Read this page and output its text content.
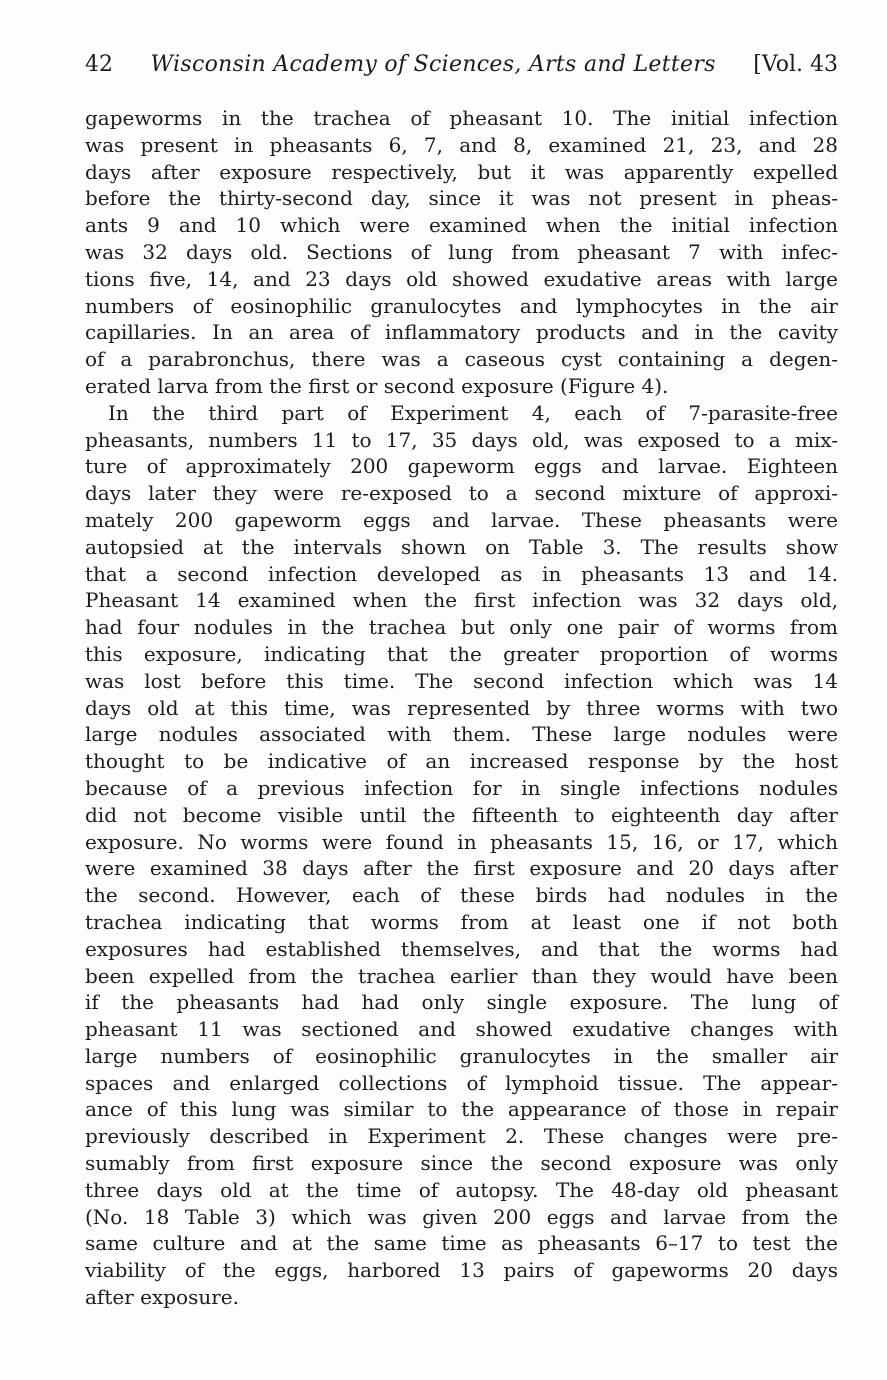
42 Wisconsin Academy of Sciences, Arts and Letters [Vol. 43
gapeworms in the trachea of pheasant 10. The initial infection
was present in pheasants 6, 7, and 8, examined 21, 23, and 28
days after exposure respectively, but it was apparently expelled
before the thirty-second day, since it was not present in pheas-
ants 9 and 10 which were examined when the initial infection
was 32 days old. Sections of lung from pheasant 7 with infec-
tions five, 14, and 23 days old showed exudative areas with large
numbers of eosinophilic granulocytes and lymphocytes in the air
capillaries. In an area of inflammatory products and in the cavity
of a parabronchus, there was a caseous cyst containing a degen-
erated larva from the first or second exposure (Figure 4).
In the third part of Experiment 4, each of 7-parasite-free
pheasants, numbers 11 to 17, 35 days old, was exposed to a mix-
ture of approximately 200 gapeworm eggs and larvae. Eighteen
days later they were re-exposed to a second mixture of approxi-
mately 200 gapeworm eggs and larvae. These pheasants were
autopsied at the intervals shown on Table 3. The results show
that a second infection developed as in pheasants 13 and 14.
Pheasant 14 examined when the first infection was 32 days old,
had four nodules in the trachea but only one pair of worms from
this exposure, indicating that the greater proportion of worms
was lost before this time. The second infection which was 14
days old at this time, was represented by three worms with two
large nodules associated with them. These large nodules were
thought to be indicative of an increased response by the host
because of a previous infection for in single infections nodules
did not become visible until the fifteenth to eighteenth day after
exposure. No worms were found in pheasants 15, 16, or 17, which
were examined 38 days after the first exposure and 20 days after
the second. However, each of these birds had nodules in the
trachea indicating that worms from at least one if not both
exposures had established themselves, and that the worms had
been expelled from the trachea earlier than they would have been
if the pheasants had had only single exposure. The lung of
pheasant 11 was sectioned and showed exudative changes with
large numbers of eosinophilic granulocytes in the smaller air
spaces and enlarged collections of lymphoid tissue. The appear-
ance of this lung was similar to the appearance of those in repair
previously described in Experiment 2. These changes were pre-
sumably from first exposure since the second exposure was only
three days old at the time of autopsy. The 48-day old pheasant
(No. 18 Table 3) which was given 200 eggs and larvae from the
same culture and at the same time as pheasants 6–17 to test the
viability of the eggs, harbored 13 pairs of gapeworms 20 days
after exposure.
